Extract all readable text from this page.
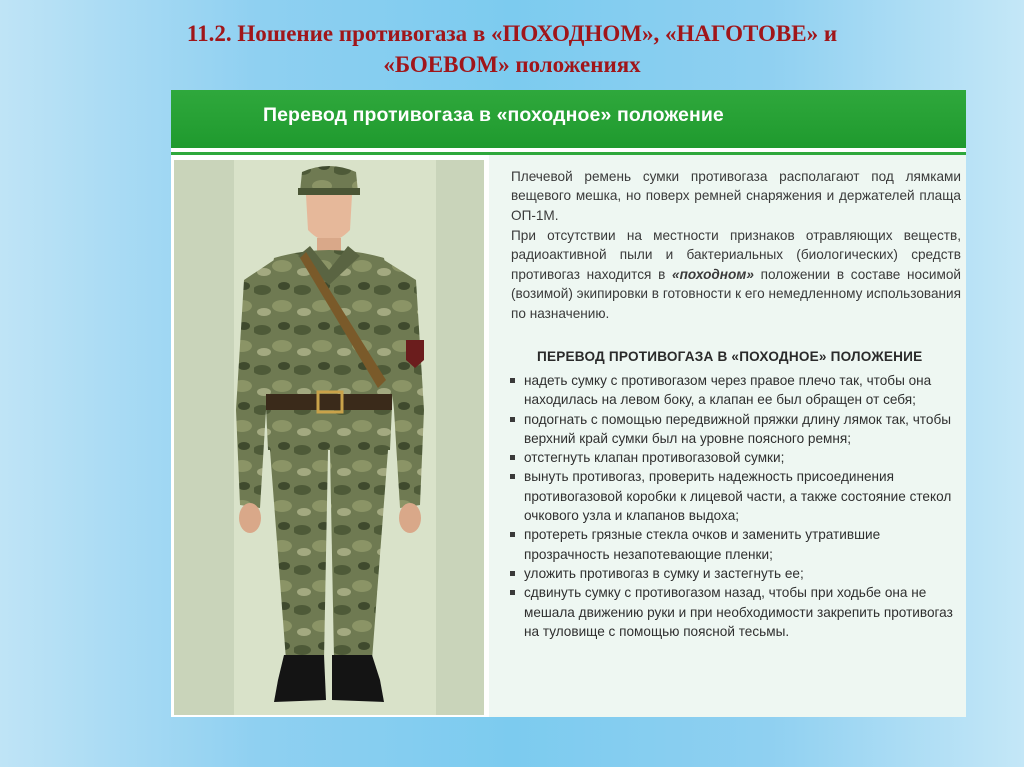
11.2. Ношение противогаза в «ПОХОДНОМ», «НАГОТОВЕ» и
«БОЕВОМ» положениях
Перевод противогаза в «походное» положение

Плечевой ремень сумки противогаза располагают под лямками вещевого мешка, но поверх ремней снаряжения и держателей плаща ОП-1М.

При отсутствии на местности признаков отравляющих веществ, радиоактивной пыли и бактериальных (биологических) средств противогаз находится в «походном» положении в составе носимой (возимой) экипировки в готовности к его немедленному использования по назначению.

ПЕРЕВОД ПРОТИВОГАЗА В «ПОХОДНОЕ» ПОЛОЖЕНИЕ
надеть сумку с противогазом через правое плечо так, чтобы она находилась на левом боку, а клапан ее был обращен от себя;
подогнать с помощью передвижной пряжки длину лямок так, чтобы верхний край сумки был на уровне поясного ремня;
отстегнуть клапан противогазовой сумки;
вынуть противогаз, проверить надежность присоединения противогазовой коробки к лицевой части, а также состояние стекол очкового узла и клапанов выдоха;
протереть грязные стекла очков и заменить утратившие прозрачность незапотевающие пленки;
уложить противогаз в сумку и застегнуть ее;
сдвинуть сумку с противогазом назад, чтобы при ходьбе она не мешала движению руки и при необходимости закрепить противогаз на туловище с помощью поясной тесьмы.
